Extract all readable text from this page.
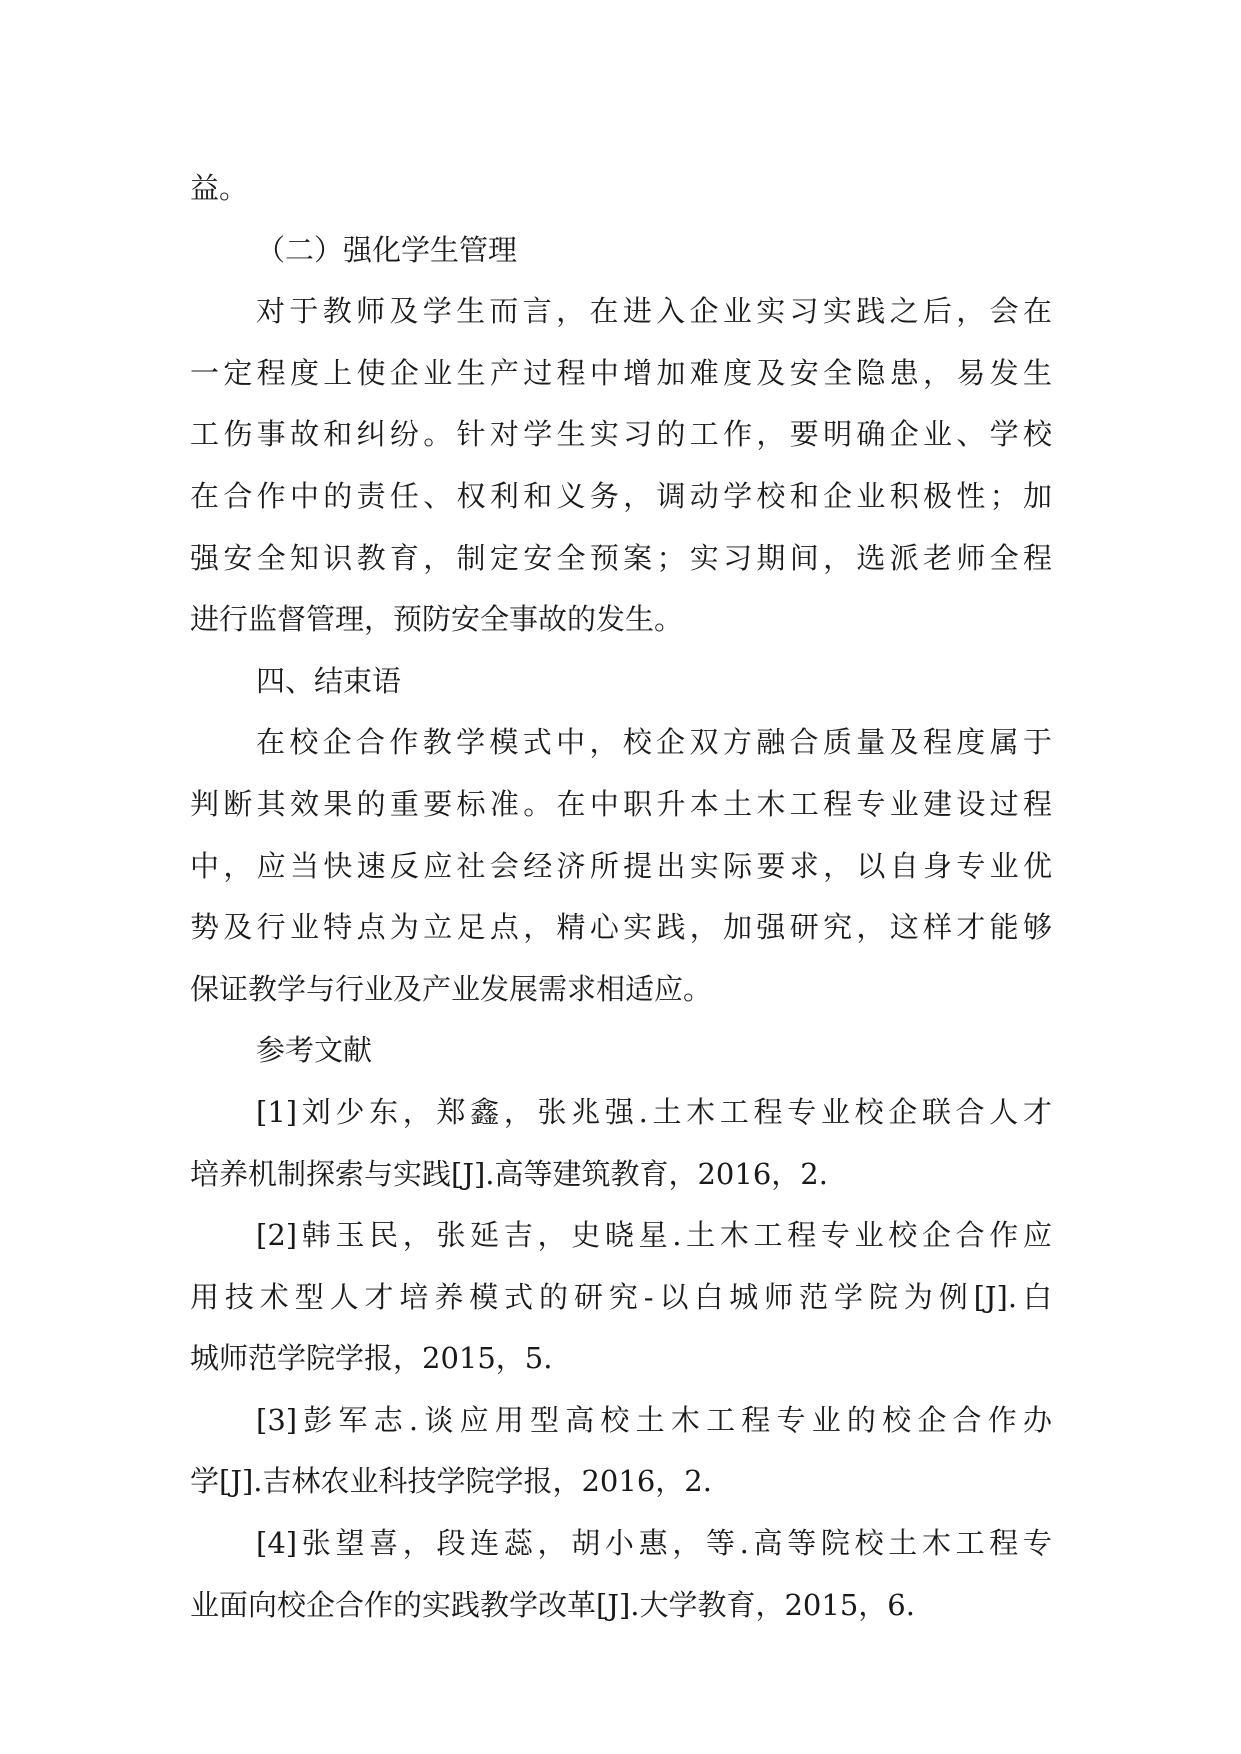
益。
（二）强化学生管理
对于教师及学生而言，在进入企业实习实践之后，会在
一定程度上使企业生产过程中增加难度及安全隐患，易发生
工伤事故和纠纷。针对学生实习的工作，要明确企业、学校
在合作中的责任、权利和义务，调动学校和企业积极性；加
强安全知识教育，制定安全预案；实习期间，选派老师全程
进行监督管理，预防安全事故的发生。
四、结束语
在校企合作教学模式中，校企双方融合质量及程度属于
判断其效果的重要标准。在中职升本土木工程专业建设过程
中，应当快速反应社会经济所提出实际要求，以自身专业优
势及行业特点为立足点，精心实践，加强研究，这样才能够
保证教学与行业及产业发展需求相适应。
参考文献
[1]刘少东，郑鑫，张兆强.土木工程专业校企联合人才
培养机制探索与实践[J].高等建筑教育，2016，2.
[2]韩玉民，张延吉，史晓星.土木工程专业校企合作应
用技术型人才培养模式的研究-以白城师范学院为例[J].白
城师范学院学报，2015，5.
[3]彭军志.谈应用型高校土木工程专业的校企合作办
学[J].吉林农业科技学院学报，2016，2.
[4]张望喜，段连蕊，胡小惠，等.高等院校土木工程专
业面向校企合作的实践教学改革[J].大学教育，2015，6.
